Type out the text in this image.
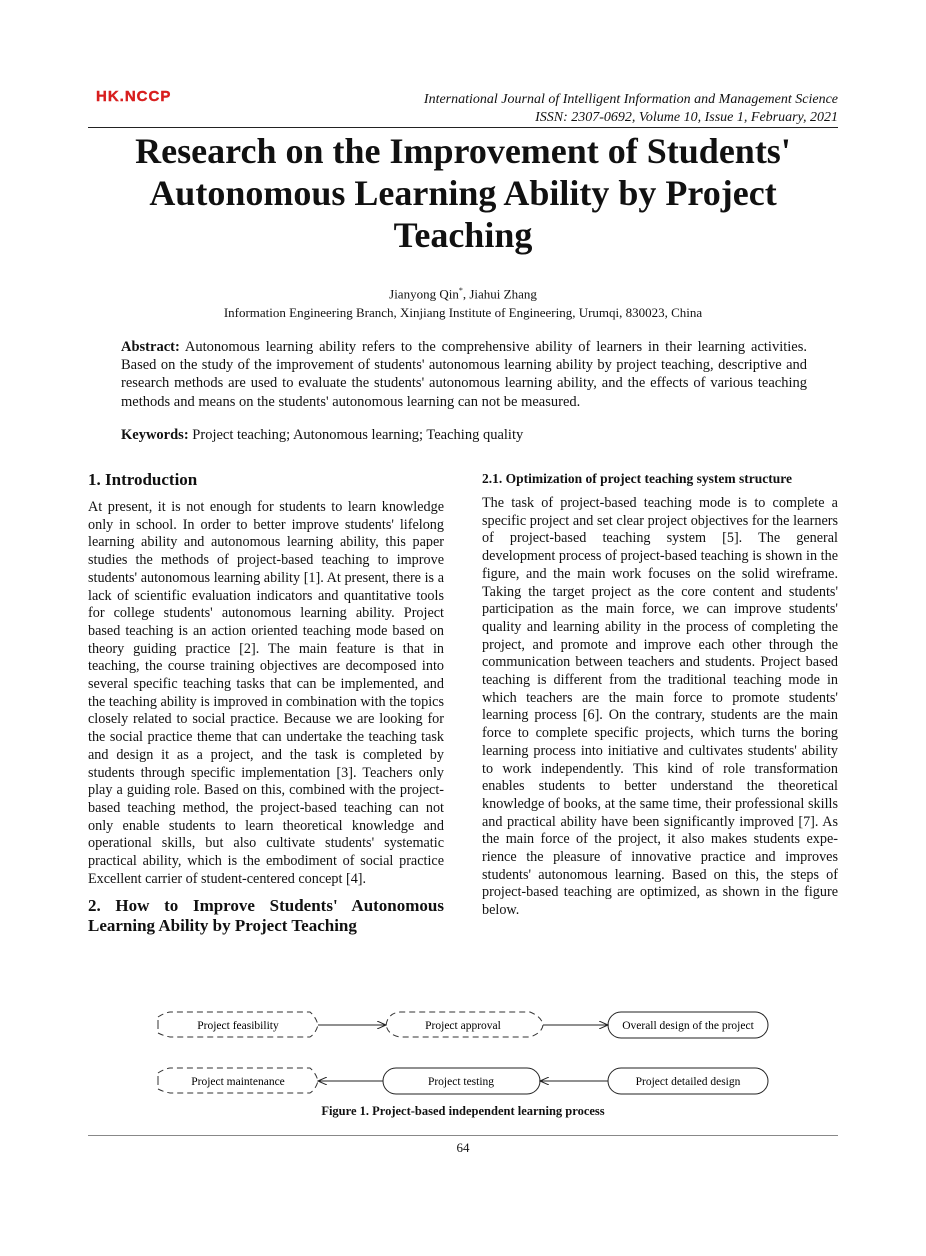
HK.NCCP	International Journal of Intelligent Information and Management Science
ISSN: 2307-0692, Volume 10, Issue 1, February, 2021
Research on the Improvement of Students' Autonomous Learning Ability by Project Teaching
Jianyong Qin*, Jiahui Zhang
Information Engineering Branch, Xinjiang Institute of Engineering, Urumqi, 830023, China

Abstract: Autonomous learning ability refers to the comprehensive ability of learners in their learning activities. Based on the study of the improvement of students' autonomous learning ability by project teaching, descriptive and research methods are used to evaluate the students' autonomous learning ability, and the effects of various teaching methods and means on the students' autonomous learning can not be measured.

Keywords: Project teaching; Autonomous learning; Teaching quality

1. Introduction

At present, it is not enough for students to learn knowledge only in school. In order to better improve students' lifelong learning ability and autonomous learning ability, this paper studies the methods of project-based teaching to improve students' autonomous learning ability [1]. At present, there is a lack of scientific evaluation indicators and quantitative tools for college students' autonomous learning ability. Project based teaching is an action oriented teaching mode based on theory guiding practice [2]. The main feature is that in teaching, the course training objectives are decomposed into several specific teaching tasks that can be implemented, and the teaching ability is improved in combination with the topics closely related to social practice. Because we are looking for the social practice theme that can undertake the teaching task and design it as a project, and the task is completed by students through specific implementation [3]. Teachers only play a guiding role. Based on this, combined with the project-based teaching method, the project-based teaching can not only enable students to learn theoretical knowledge and operational skills, but also cultivate students' systematic practical ability, which is the embodiment of social practice Excellent carrier of student-centered concept [4].

2. How to Improve Students' Autonomous Learning Ability by Project Teaching
2.1. Optimization of project teaching system structure

The task of project-based teaching mode is to complete a specific project and set clear project objectives for the learners of project-based teaching system [5]. The general development process of project-based teaching is shown in the figure, and the main work focuses on the solid wireframe. Taking the target project as the core content and students' participation as the main force, we can improve students' quality and learning ability in the process of completing the project, and promote and improve each other through the communication between teachers and students. Project based teaching is different from the traditional teaching mode in which teachers are the main force to promote students' learning process [6]. On the contrary, students are the main force to complete specific projects, which turns the boring learning process into initiative and cultivates students' ability to work independently. This kind of role transformation enables students to better understand the theoretical knowledge of books, at the same time, their professional skills and practical ability have been significantly improved [7]. As the main force of the project, it also makes students experience the pleasure of innovative practice and improves students' autonomous learning. Based on this, the steps of project-based teaching are optimized, as shown in the figure below.

Project feasibility	Project approval	Overall design of the project
Project maintenance	Project testing	Project detailed design
Figure 1. Project-based independent learning process
64
